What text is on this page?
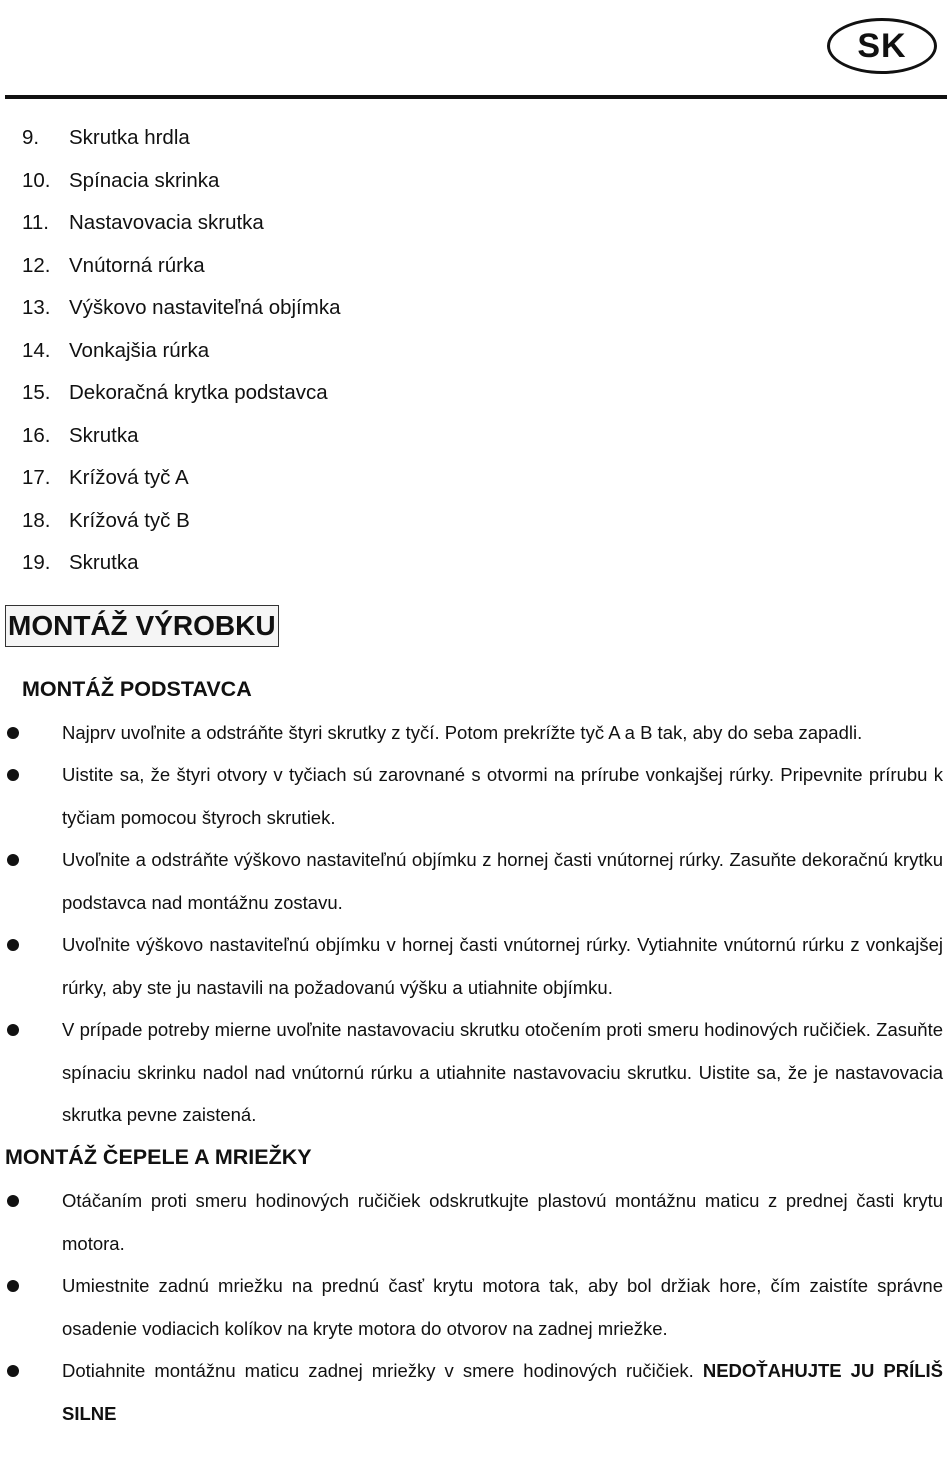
SK
9.	Skrutka hrdla
10. Spínacia skrinka
11. Nastavovacia skrutka
12. Vnútorná rúrka
13. Výškovo nastaviteľná objímka
14. Vonkajšia rúrka
15. Dekoračná krytka podstavca
16. Skrutka
17. Krížová tyč A
18. Krížová tyč B
19. Skrutka
MONTÁŽ VÝROBKU
MONTÁŽ PODSTAVCA
Najprv uvoľnite a odstráňte štyri skrutky z tyčí. Potom prekrížte tyč A a B tak, aby do seba zapadli.
Uistite sa, že štyri otvory v tyčiach sú zarovnané s otvormi na prírube vonkajšej rúrky. Pripevnite prírubu k tyčiam pomocou štyroch skrutiek.
Uvoľnite a odstráňte výškovo nastaviteľnú objímku z hornej časti vnútornej rúrky. Zasuňte dekoračnú krytku podstavca nad montážnu zostavu.
Uvoľnite výškovo nastaviteľnú objímku v hornej časti vnútornej rúrky. Vytiahnite vnútornú rúrku z vonkajšej rúrky, aby ste ju nastavili na požadovanú výšku a utiahnite objímku.
V prípade potreby mierne uvoľnite nastavovaciu skrutku otočením proti smeru hodinových ručičiek. Zasuňte spínaciu skrinku nadol nad vnútornú rúrku a utiahnite nastavovaciu skrutku. Uistite sa, že je nastavovacia skrutka pevne zaistená.
MONTÁŽ ČEPELE A MRIEŽKY
Otáčaním proti smeru hodinových ručičiek odskrutkujte plastovú montážnu maticu z prednej časti krytu motora.
Umiestnite zadnú mriežku na prednú časť krytu motora tak, aby bol držiak hore, čím zaistíte správne osadenie vodiacich kolíkov na kryte motora do otvorov na zadnej mriežke.
Dotiahnite montážnu maticu zadnej mriežky v smere hodinových ručičiek. NEDOŤAHUJTE JU PRÍLIŠ SILNE
